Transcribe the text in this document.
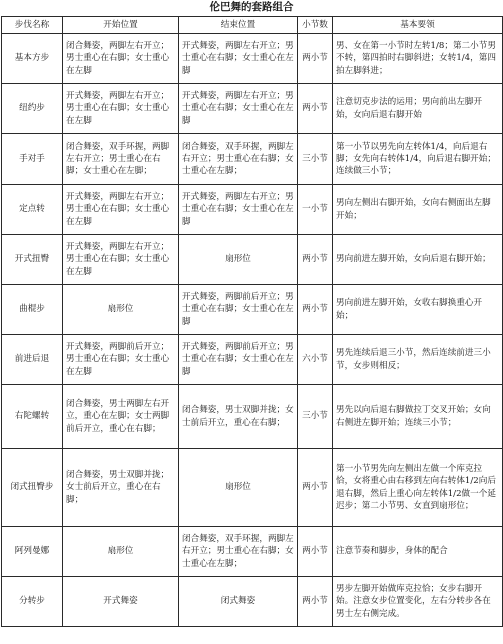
伦巴舞的套路组合
步伐名称	开始位置	结束位置	小节数	基本要领
基本方步	闭合舞姿，两脚左右开立；男士重心在右脚；女士重心在左脚	开式舞姿，两脚左右开立；男士重心在右脚；女士重心在左脚	两小节	男、女在第一小节时左转1/8；第二小节男不转，第四拍时右脚斜进；女转1/4，第四拍左脚斜进；
纽约步	开式舞姿，两脚左右开立；男士重心在右脚；女士重心在左脚	开式舞姿，两脚左右开立；男士重心在右脚；女士重心在左脚	两小节	注意切克步法的运用；男向前出左脚开始，女向后退右脚开始
手对手	闭合舞姿，双手环握，两脚左右开立；男士重心在右脚；女士重心在左脚；	闭合舞姿，双手环握，两脚左右开立；男士重心在右脚；女士重心在左脚；	三小节	第一小节以男先向左转体1/4，向后退右脚；女先向右转体1/4，向后退右脚开始；连续做三小节；
定点转	开式舞姿，两脚左右开立；男士重心在右脚；女士重心在左脚	开式舞姿，两脚左右开立；男士重心在右脚；女士重心在左脚	一小节	男向左侧出右脚开始，女向右侧面出左脚开始；
开式扭臀	开式舞姿，两脚左右开立；男士重心在右脚；女士重心在左脚	扇形位	两小节	男向前进左脚开始，女向后退右脚开始；
曲棍步	扇形位	开式舞姿，两脚前后开立；男士重心在右脚；女士重心在左脚	两小节	男向前进左脚开始，女收右脚换重心开始；
前进后退	开式舞姿，两脚前后开立；男士重心在右脚；女士重心在左脚	开式舞姿，两脚前后开立；男士重心在右脚；女士重心在左脚	六小节	男先连续后退三小节，然后连续前进三小节，女步则相反；
右陀螺转	闭合舞姿，男士两脚左右开立，重心在左脚；女士两脚前后开立，重心在右脚；	闭合舞姿，男士双脚并拢；女士前后开立，重心在右脚；	三小节	男先以向后退右脚做拉丁交叉开始；女向右侧进左脚开始；连续三小节；
闭式扭臀步	闭合舞姿，男士双脚并拢；女士前后开立，重心在右脚；	扇形位	两小节	第一小节男先向左侧出左做一个库克拉恰，女将重心由右移到左向右转体1/2向后退右脚，然后上重心向左转体1/2做一个延迟步；第二小节男、女直到扇形位；
阿列曼娜	扇形位	闭合舞姿，双手环握，两脚左右开立；男士重心在右脚；女士重心在左脚；	两小节	注意节奏和脚步，身体的配合
分转步	开式舞姿	闭式舞姿	两小节	男步左脚开始做库克拉恰；女步右脚开始。注意女步位置变化，左右分转步各在男士左右侧完成。
